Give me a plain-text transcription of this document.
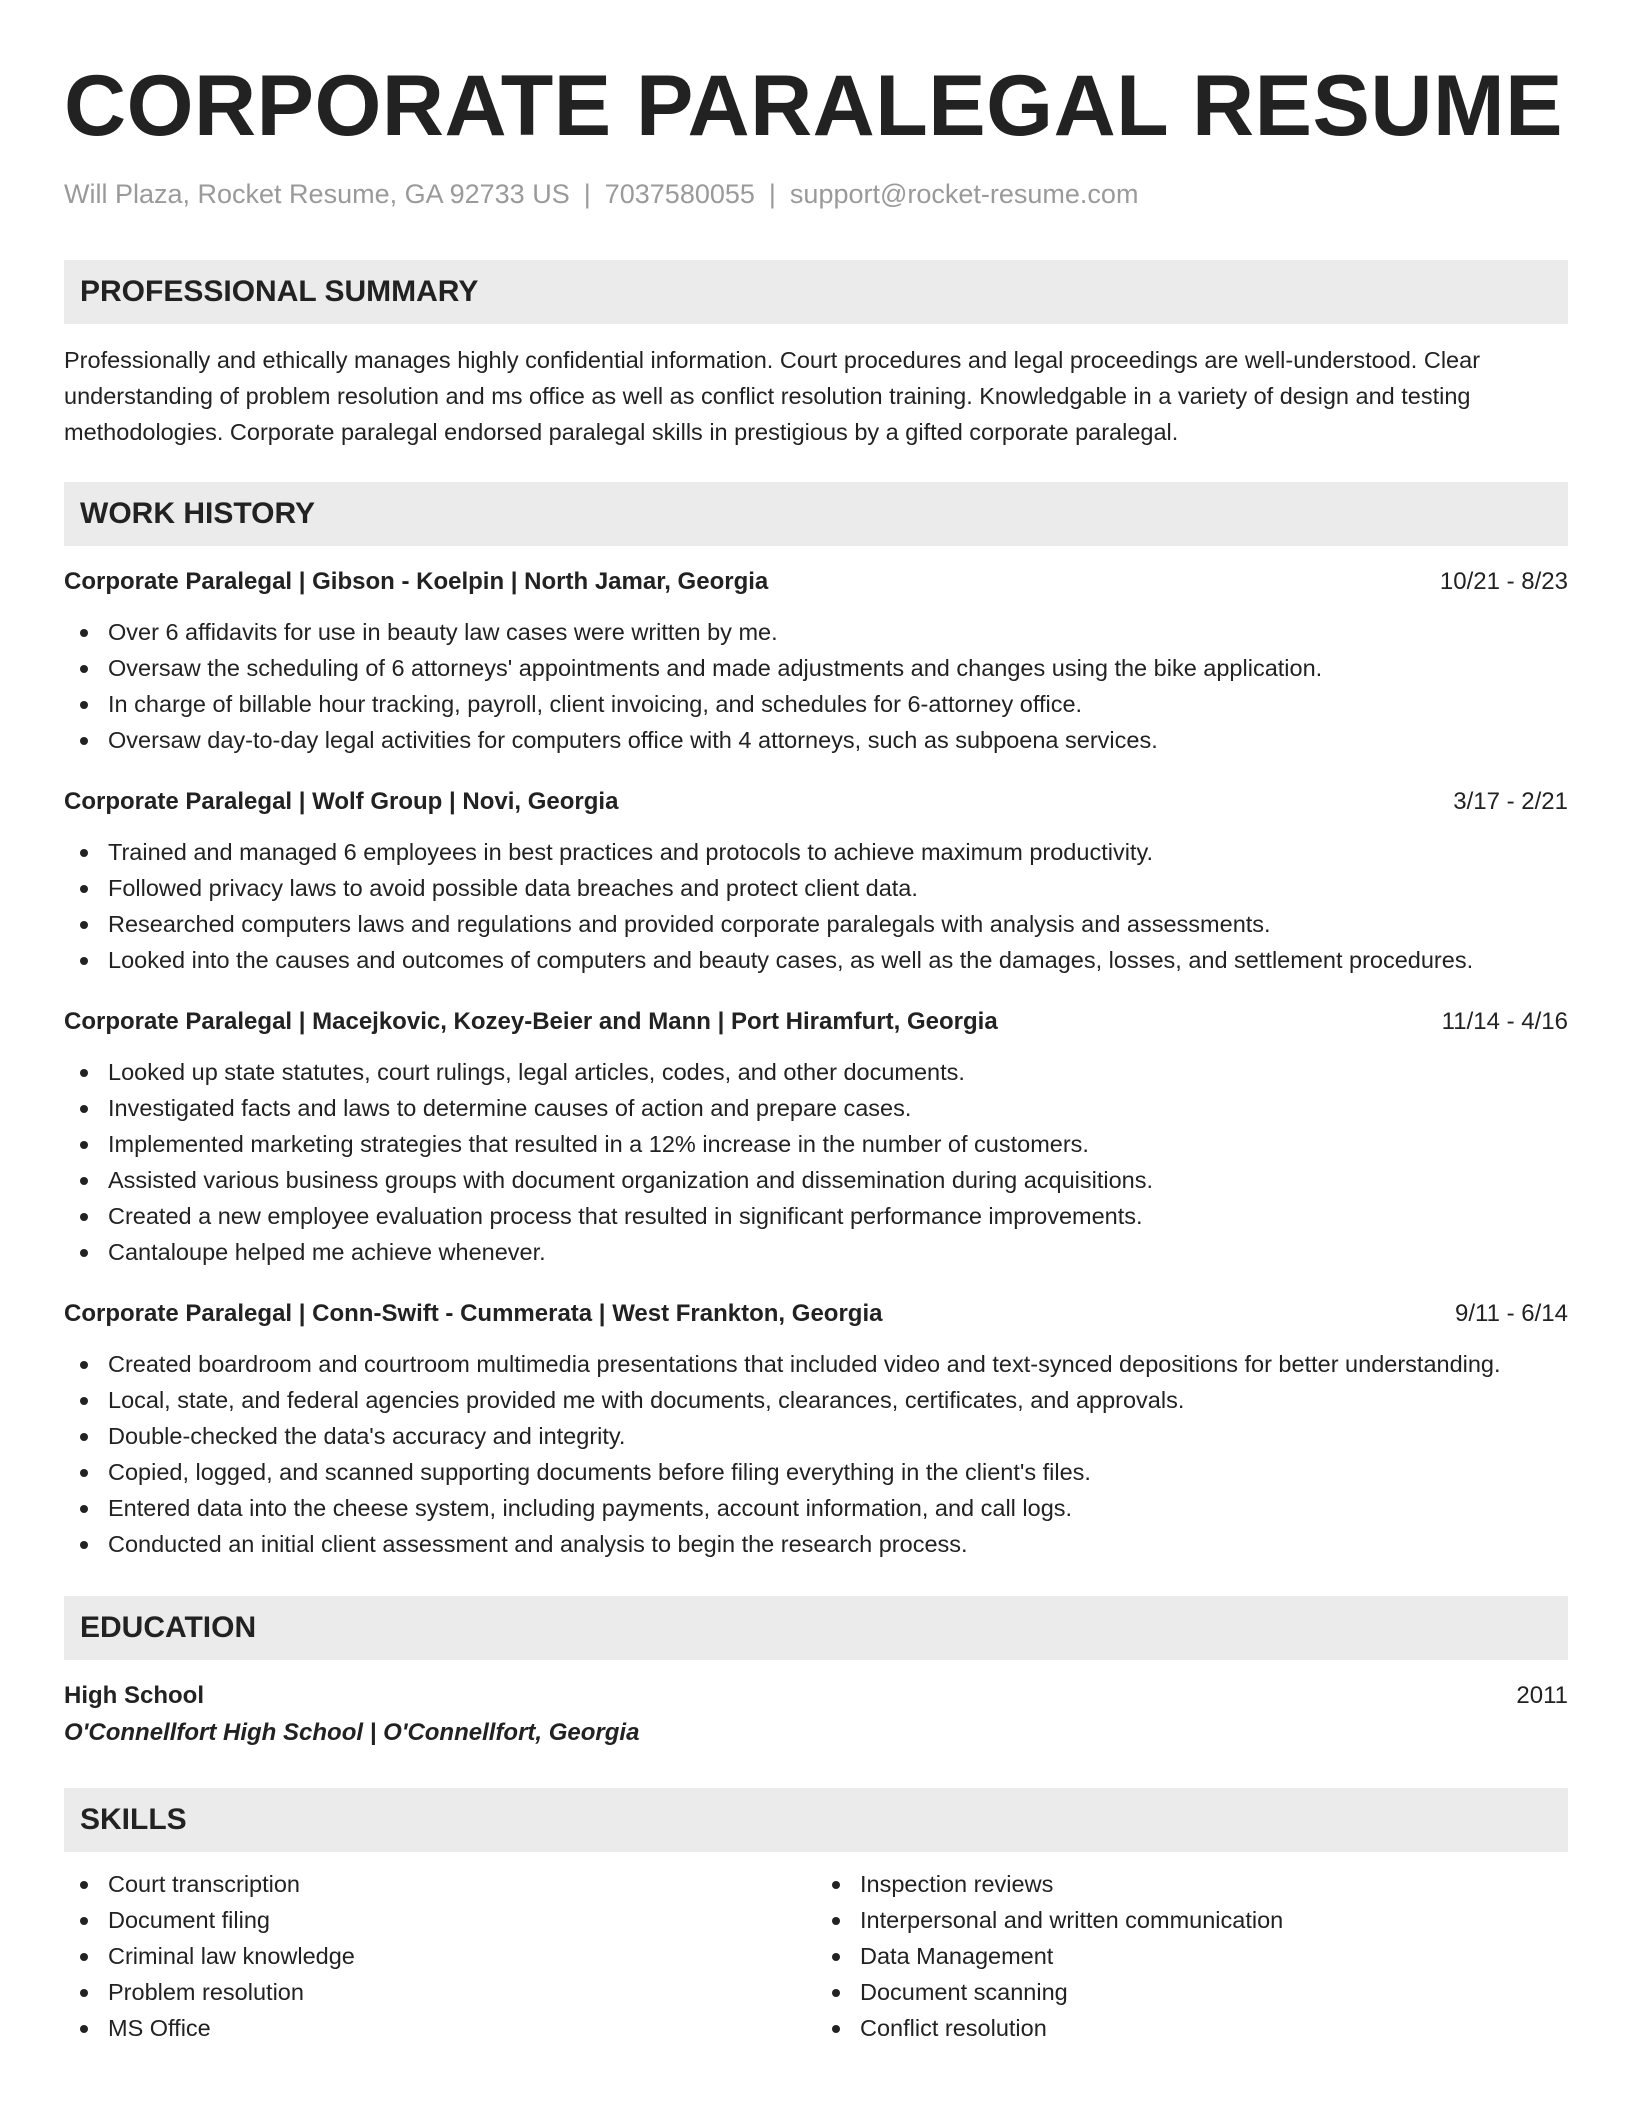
CORPORATE PARALEGAL RESUME
Will Plaza, Rocket Resume, GA 92733 US | 7037580055 | support@rocket-resume.com
PROFESSIONAL SUMMARY

Professionally and ethically manages highly confidential information. Court procedures and legal proceedings are well-understood. Clear understanding of problem resolution and ms office as well as conflict resolution training. Knowledgable in a variety of design and testing methodologies. Corporate paralegal endorsed paralegal skills in prestigious by a gifted corporate paralegal.

WORK HISTORY
Corporate Paralegal | Gibson - Koelpin | North Jamar, Georgia	10/21 - 8/23
Over 6 affidavits for use in beauty law cases were written by me.
Oversaw the scheduling of 6 attorneys' appointments and made adjustments and changes using the bike application.
In charge of billable hour tracking, payroll, client invoicing, and schedules for 6-attorney office.
Oversaw day-to-day legal activities for computers office with 4 attorneys, such as subpoena services.
Corporate Paralegal | Wolf Group | Novi, Georgia	3/17 - 2/21
Trained and managed 6 employees in best practices and protocols to achieve maximum productivity.
Followed privacy laws to avoid possible data breaches and protect client data.
Researched computers laws and regulations and provided corporate paralegals with analysis and assessments.
Looked into the causes and outcomes of computers and beauty cases, as well as the damages, losses, and settlement procedures.
Corporate Paralegal | Macejkovic, Kozey-Beier and Mann | Port Hiramfurt, Georgia	11/14 - 4/16
Looked up state statutes, court rulings, legal articles, codes, and other documents.
Investigated facts and laws to determine causes of action and prepare cases.
Implemented marketing strategies that resulted in a 12% increase in the number of customers.
Assisted various business groups with document organization and dissemination during acquisitions.
Created a new employee evaluation process that resulted in significant performance improvements.
Cantaloupe helped me achieve whenever.
Corporate Paralegal | Conn-Swift - Cummerata | West Frankton, Georgia	9/11 - 6/14
Created boardroom and courtroom multimedia presentations that included video and text-synced depositions for better understanding.
Local, state, and federal agencies provided me with documents, clearances, certificates, and approvals.
Double-checked the data's accuracy and integrity.
Copied, logged, and scanned supporting documents before filing everything in the client's files.
Entered data into the cheese system, including payments, account information, and call logs.
Conducted an initial client assessment and analysis to begin the research process.
EDUCATION
High School	2011
O'Connellfort High School | O'Connellfort, Georgia
SKILLS
Court transcription
Document filing
Criminal law knowledge
Problem resolution
MS Office
Inspection reviews
Interpersonal and written communication
Data Management
Document scanning
Conflict resolution
